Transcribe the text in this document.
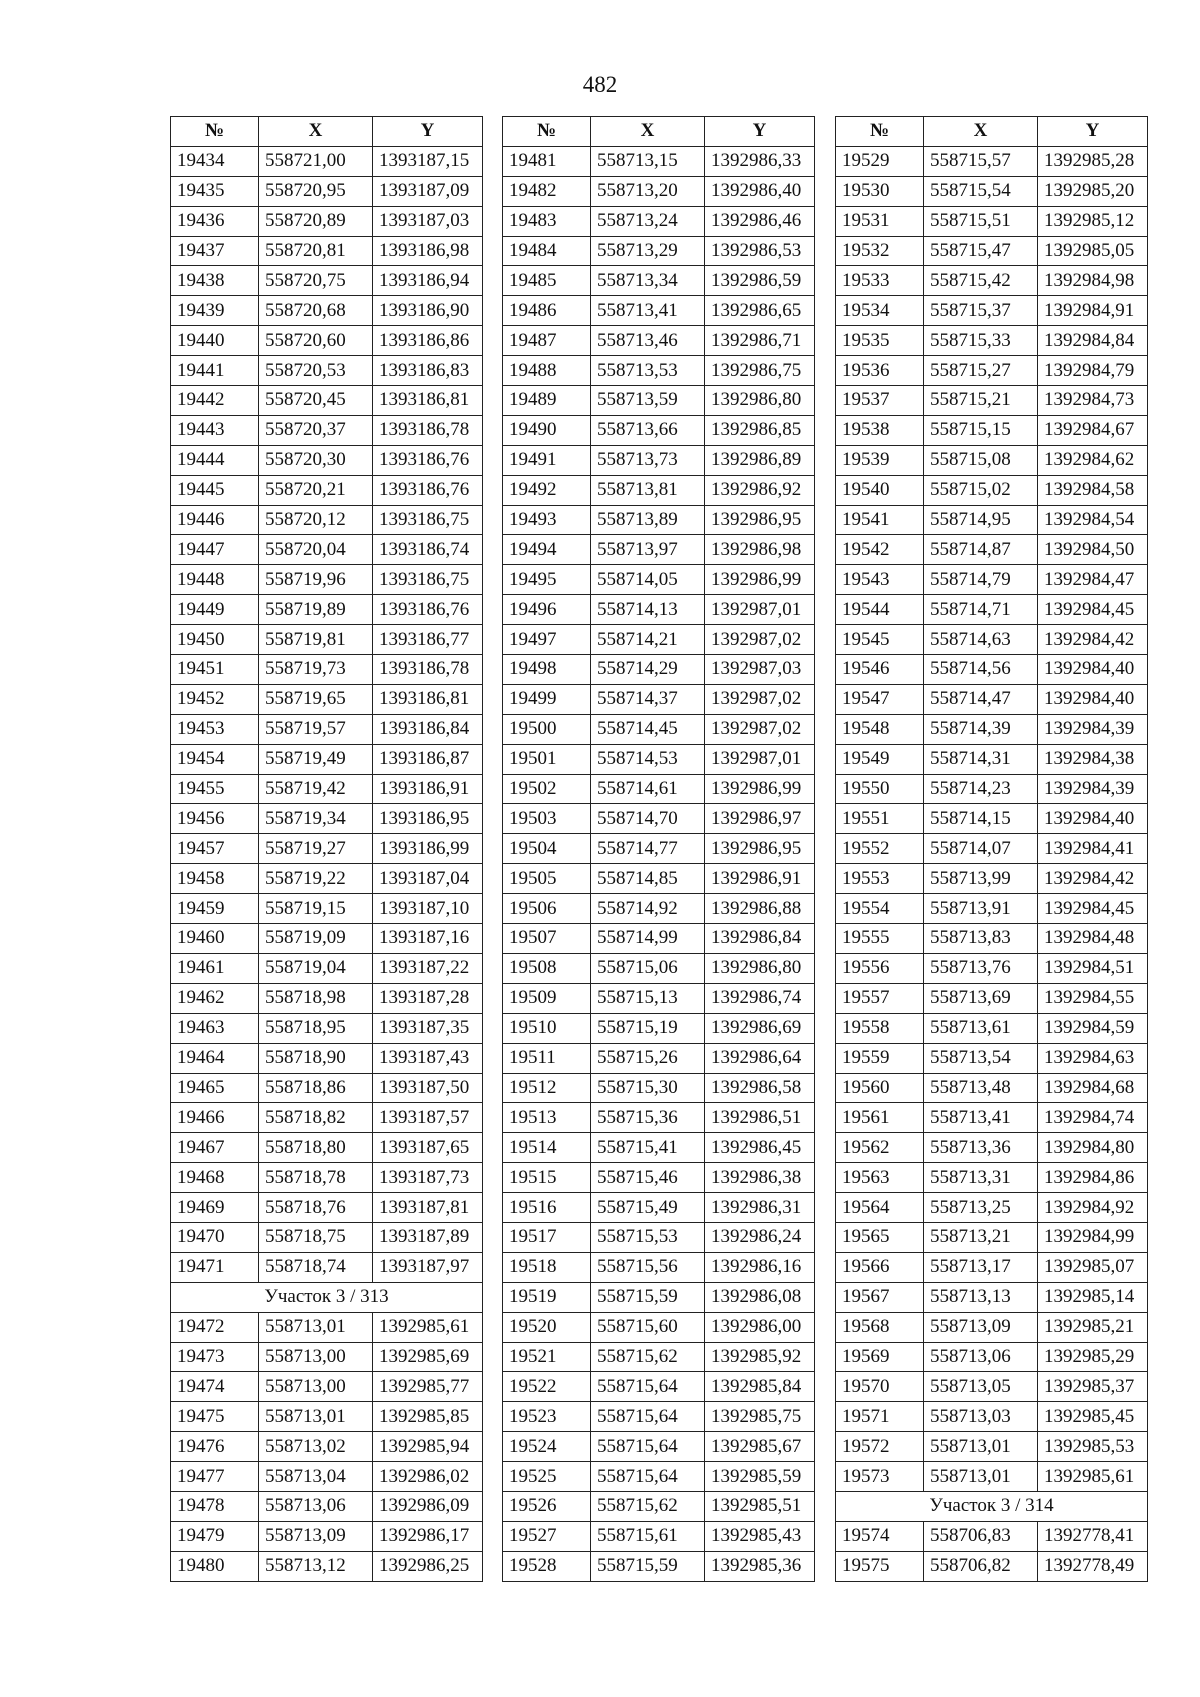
482
№	X	Y
19434	558721,00	1393187,15
19435	558720,95	1393187,09
19436	558720,89	1393187,03
19437	558720,81	1393186,98
19438	558720,75	1393186,94
19439	558720,68	1393186,90
19440	558720,60	1393186,86
19441	558720,53	1393186,83
19442	558720,45	1393186,81
19443	558720,37	1393186,78
19444	558720,30	1393186,76
19445	558720,21	1393186,76
19446	558720,12	1393186,75
19447	558720,04	1393186,74
19448	558719,96	1393186,75
19449	558719,89	1393186,76
19450	558719,81	1393186,77
19451	558719,73	1393186,78
19452	558719,65	1393186,81
19453	558719,57	1393186,84
19454	558719,49	1393186,87
19455	558719,42	1393186,91
19456	558719,34	1393186,95
19457	558719,27	1393186,99
19458	558719,22	1393187,04
19459	558719,15	1393187,10
19460	558719,09	1393187,16
19461	558719,04	1393187,22
19462	558718,98	1393187,28
19463	558718,95	1393187,35
19464	558718,90	1393187,43
19465	558718,86	1393187,50
19466	558718,82	1393187,57
19467	558718,80	1393187,65
19468	558718,78	1393187,73
19469	558718,76	1393187,81
19470	558718,75	1393187,89
19471	558718,74	1393187,97
Участок 3 / 313		
19472	558713,01	1392985,61
19473	558713,00	1392985,69
19474	558713,00	1392985,77
19475	558713,01	1392985,85
19476	558713,02	1392985,94
19477	558713,04	1392986,02
19478	558713,06	1392986,09
19479	558713,09	1392986,17
19480	558713,12	1392986,25
№	X	Y
19481	558713,15	1392986,33
19482	558713,20	1392986,40
19483	558713,24	1392986,46
19484	558713,29	1392986,53
19485	558713,34	1392986,59
19486	558713,41	1392986,65
19487	558713,46	1392986,71
19488	558713,53	1392986,75
19489	558713,59	1392986,80
19490	558713,66	1392986,85
19491	558713,73	1392986,89
19492	558713,81	1392986,92
19493	558713,89	1392986,95
19494	558713,97	1392986,98
19495	558714,05	1392986,99
19496	558714,13	1392987,01
19497	558714,21	1392987,02
19498	558714,29	1392987,03
19499	558714,37	1392987,02
19500	558714,45	1392987,02
19501	558714,53	1392987,01
19502	558714,61	1392986,99
19503	558714,70	1392986,97
19504	558714,77	1392986,95
19505	558714,85	1392986,91
19506	558714,92	1392986,88
19507	558714,99	1392986,84
19508	558715,06	1392986,80
19509	558715,13	1392986,74
19510	558715,19	1392986,69
19511	558715,26	1392986,64
19512	558715,30	1392986,58
19513	558715,36	1392986,51
19514	558715,41	1392986,45
19515	558715,46	1392986,38
19516	558715,49	1392986,31
19517	558715,53	1392986,24
19518	558715,56	1392986,16
19519	558715,59	1392986,08
19520	558715,60	1392986,00
19521	558715,62	1392985,92
19522	558715,64	1392985,84
19523	558715,64	1392985,75
19524	558715,64	1392985,67
19525	558715,64	1392985,59
19526	558715,62	1392985,51
19527	558715,61	1392985,43
19528	558715,59	1392985,36
№	X	Y
19529	558715,57	1392985,28
19530	558715,54	1392985,20
19531	558715,51	1392985,12
19532	558715,47	1392985,05
19533	558715,42	1392984,98
19534	558715,37	1392984,91
19535	558715,33	1392984,84
19536	558715,27	1392984,79
19537	558715,21	1392984,73
19538	558715,15	1392984,67
19539	558715,08	1392984,62
19540	558715,02	1392984,58
19541	558714,95	1392984,54
19542	558714,87	1392984,50
19543	558714,79	1392984,47
19544	558714,71	1392984,45
19545	558714,63	1392984,42
19546	558714,56	1392984,40
19547	558714,47	1392984,40
19548	558714,39	1392984,39
19549	558714,31	1392984,38
19550	558714,23	1392984,39
19551	558714,15	1392984,40
19552	558714,07	1392984,41
19553	558713,99	1392984,42
19554	558713,91	1392984,45
19555	558713,83	1392984,48
19556	558713,76	1392984,51
19557	558713,69	1392984,55
19558	558713,61	1392984,59
19559	558713,54	1392984,63
19560	558713,48	1392984,68
19561	558713,41	1392984,74
19562	558713,36	1392984,80
19563	558713,31	1392984,86
19564	558713,25	1392984,92
19565	558713,21	1392984,99
19566	558713,17	1392985,07
19567	558713,13	1392985,14
19568	558713,09	1392985,21
19569	558713,06	1392985,29
19570	558713,05	1392985,37
19571	558713,03	1392985,45
19572	558713,01	1392985,53
19573	558713,01	1392985,61
Участок 3 / 314		
19574	558706,83	1392778,41
19575	558706,82	1392778,49
